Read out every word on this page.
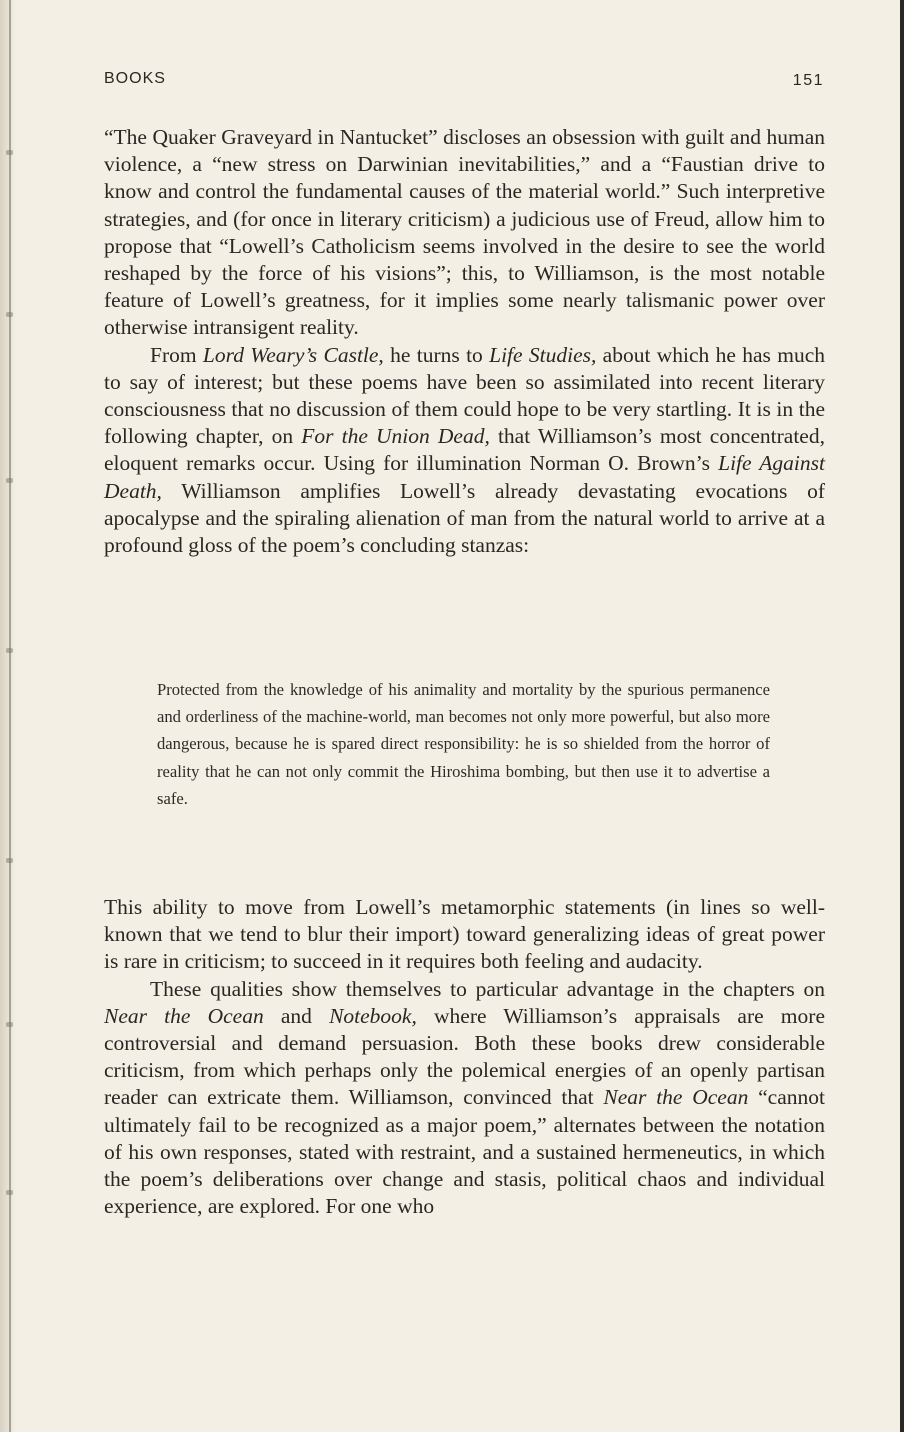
BOOKS	151

“The Quaker Graveyard in Nantucket” discloses an obsession with guilt and human violence, a “new stress on Darwinian inevitabilities,” and a “Faustian drive to know and control the fundamental causes of the material world.” Such interpretive strategies, and (for once in literary criticism) a judicious use of Freud, allow him to propose that “Lowell’s Catholicism seems involved in the desire to see the world reshaped by the force of his visions”; this, to Williamson, is the most notable feature of Lowell’s greatness, for it implies some nearly talismanic power over otherwise intransigent reality.

From Lord Weary’s Castle, he turns to Life Studies, about which he has much to say of interest; but these poems have been so assimilated into recent literary consciousness that no discussion of them could hope to be very startling. It is in the following chapter, on For the Union Dead, that Williamson’s most concentrated, eloquent remarks occur. Using for illumination Norman O. Brown’s Life Against Death, Williamson amplifies Lowell’s already devastating evocations of apocalypse and the spiraling alienation of man from the natural world to arrive at a profound gloss of the poem’s concluding stanzas:

Protected from the knowledge of his animality and mortality by the spurious permanence and orderliness of the machine-world, man becomes not only more powerful, but also more dangerous, because he is spared direct responsibility: he is so shielded from the horror of reality that he can not only commit the Hiroshima bombing, but then use it to advertise a safe.

This ability to move from Lowell’s metamorphic statements (in lines so well-known that we tend to blur their import) toward generalizing ideas of great power is rare in criticism; to succeed in it requires both feeling and audacity.

These qualities show themselves to particular advantage in the chapters on Near the Ocean and Notebook, where Williamson’s appraisals are more controversial and demand persuasion. Both these books drew considerable criticism, from which perhaps only the polemical energies of an openly partisan reader can extricate them. Williamson, convinced that Near the Ocean “cannot ultimately fail to be recognized as a major poem,” alternates between the notation of his own responses, stated with restraint, and a sustained hermeneutics, in which the poem’s deliberations over change and stasis, political chaos and individual experience, are explored. For one who
